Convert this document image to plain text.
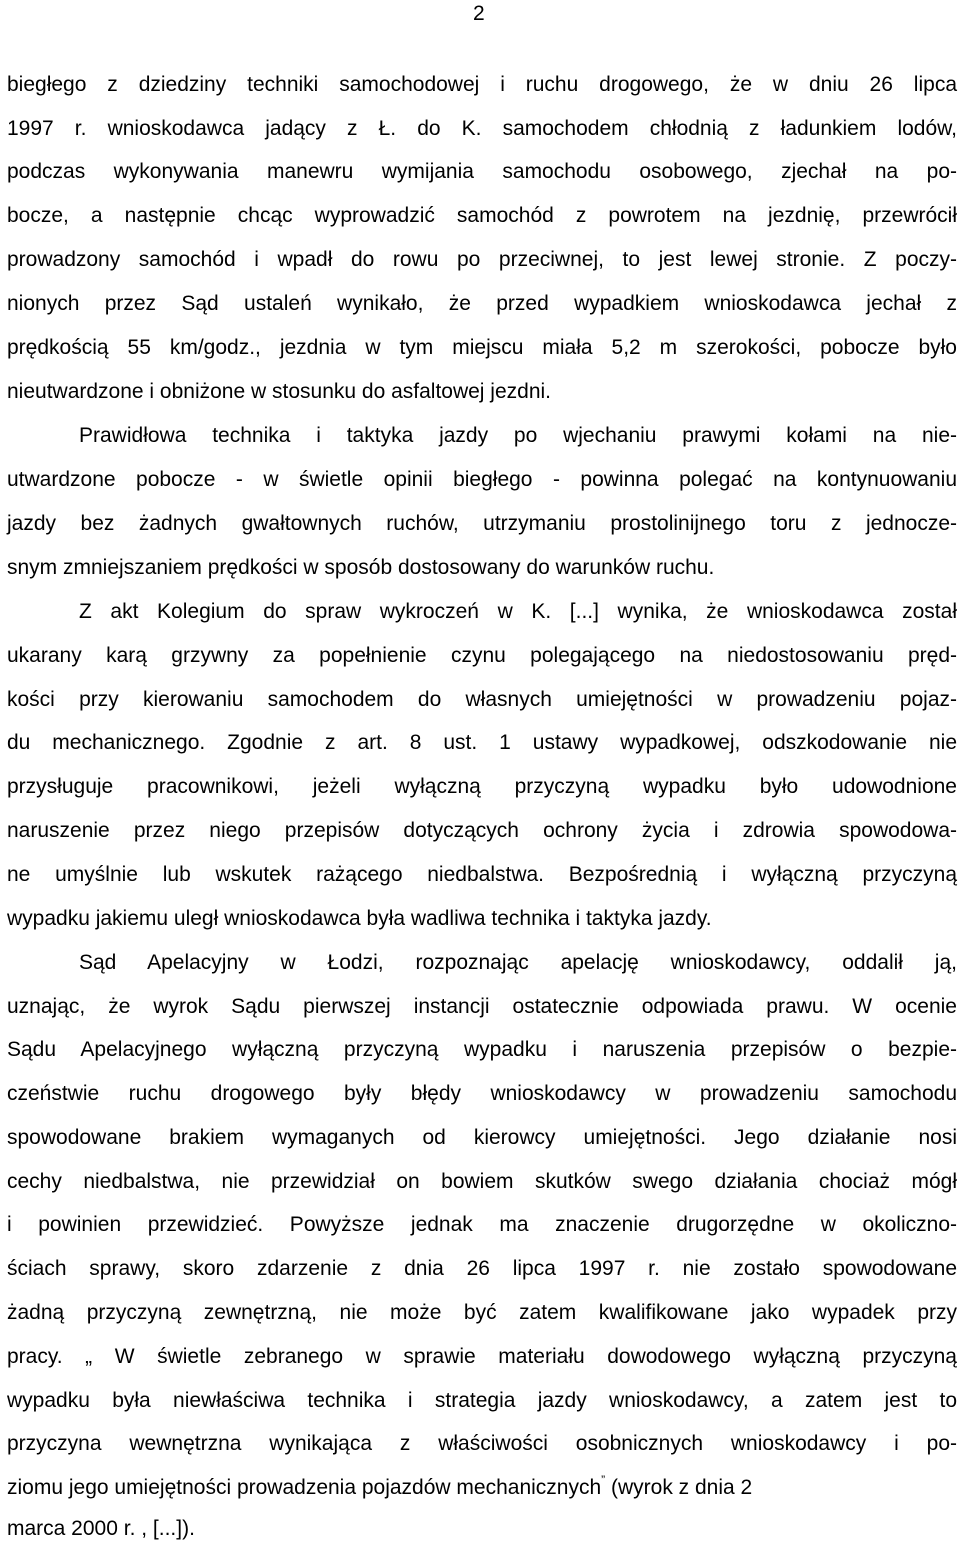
2
biegłego z dziedziny techniki samochodowej i ruchu drogowego, że w dniu 26 lipca
1997 r. wnioskodawca jadący z Ł. do K. samochodem chłodnią z ładunkiem lodów,
podczas wykonywania manewru wymijania samochodu osobowego, zjechał na po-
bocze, a następnie chcąc wyprowadzić samochód z powrotem na jezdnię, przewrócił
prowadzony samochód i wpadł do rowu po przeciwnej, to jest lewej stronie. Z poczy-
nionych przez Sąd ustaleń wynikało, że przed wypadkiem wnioskodawca jechał z
prędkością 55 km/godz., jezdnia w tym miejscu miała 5,2 m szerokości, pobocze było
nieutwardzone i obniżone w stosunku do asfaltowej jezdni.
Prawidłowa technika i taktyka jazdy po wjechaniu prawymi kołami na nie-
utwardzone pobocze - w świetle opinii biegłego - powinna polegać na kontynuowaniu
jazdy bez żadnych gwałtownych ruchów, utrzymaniu prostolinijnego toru z jednocze-
snym zmniejszaniem prędkości w sposób dostosowany do warunków ruchu.
Z akt Kolegium do spraw wykroczeń w K. [...] wynika, że wnioskodawca został
ukarany karą grzywny za popełnienie czynu polegającego na niedostosowaniu pręd-
kości przy kierowaniu samochodem do własnych umiejętności w prowadzeniu pojaz-
du mechanicznego. Zgodnie z art. 8 ust. 1 ustawy wypadkowej, odszkodowanie nie
przysługuje pracownikowi, jeżeli wyłączną przyczyną wypadku było udowodnione
naruszenie przez niego przepisów dotyczących ochrony życia i zdrowia spowodowa-
ne umyślnie lub wskutek rażącego niedbalstwa. Bezpośrednią i wyłączną przyczyną
wypadku jakiemu uległ wnioskodawca była wadliwa technika i taktyka jazdy.
Sąd Apelacyjny w Łodzi, rozpoznając apelację wnioskodawcy, oddalił ją,
uznając, że wyrok Sądu pierwszej instancji ostatecznie odpowiada prawu. W ocenie
Sądu Apelacyjnego wyłączną przyczyną wypadku i naruszenia przepisów o bezpie-
czeństwie ruchu drogowego były błędy wnioskodawcy w prowadzeniu samochodu
spowodowane brakiem wymaganych od kierowcy umiejętności. Jego działanie nosi
cechy niedbalstwa, nie przewidział on bowiem skutków swego działania chociaż mógł
i powinien przewidzieć. Powyższe jednak ma znaczenie drugorzędne w okoliczno-
ściach sprawy, skoro zdarzenie z dnia 26 lipca 1997 r. nie zostało spowodowane
żadną przyczyną zewnętrzną, nie może być zatem kwalifikowane jako wypadek przy
pracy. „ W świetle zebranego w sprawie materiału dowodowego wyłączną przyczyną
wypadku była niewłaściwa technika i strategia jazdy wnioskodawcy, a zatem jest to
przyczyna wewnętrzna wynikająca z właściwości osobnicznych wnioskodawcy i po-
ziomu jego umiejętności prowadzenia pojazdów mechanicznych” (wyrok z dnia 2
marca 2000 r. , [...]).
